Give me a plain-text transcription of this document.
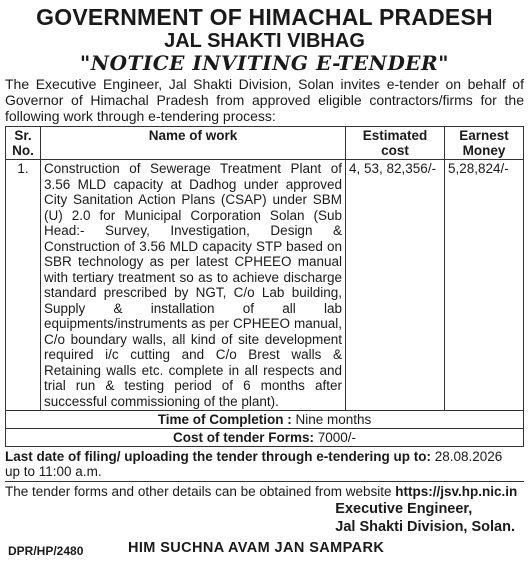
GOVERNMENT OF HIMACHAL PRADESH
JAL SHAKTI VIBHAG
"NOTICE INVITING E-TENDER"
The Executive Engineer, Jal Shakti Division, Solan invites e-tender on behalf of Governor of Himachal Pradesh from approved eligible contractors/firms for the following work through e-tendering process:
Sr. No.	Name of work	Estimated cost	Earnest Money
1.	Construction of Sewerage Treatment Plant of 3.56 MLD capacity at Dadhog under approved City Sanitation Action Plans (CSAP) under SBM (U) 2.0 for Municipal Corporation Solan (Sub Head:- Survey, Investigation, Design & Construction of 3.56 MLD capacity STP based on SBR technology as per latest CPHEEO manual with tertiary treatment so as to achieve discharge standard prescribed by NGT, C/o Lab building, Supply & installation of all lab equipments/instruments as per CPHEEO manual, C/o boundary walls, all kind of site development required i/c cutting and C/o Brest walls & Retaining walls etc. complete in all respects and trial run & testing period of 6 months after successful commissioning of the plant).	4, 53, 82,356/-	5,28,824/-
Time of Completion : Nine months			
Cost of tender Forms: 7000/-			
Last date of filing/ uploading the tender through e-tendering up to: 28.08.2026
up to 11:00 a.m.
The tender forms and other details can be obtained from website https://jsv.hp.nic.in
Executive Engineer,
Jal Shakti Division, Solan.
DPR/HP/2480	HIM SUCHNA AVAM JAN SAMPARK
